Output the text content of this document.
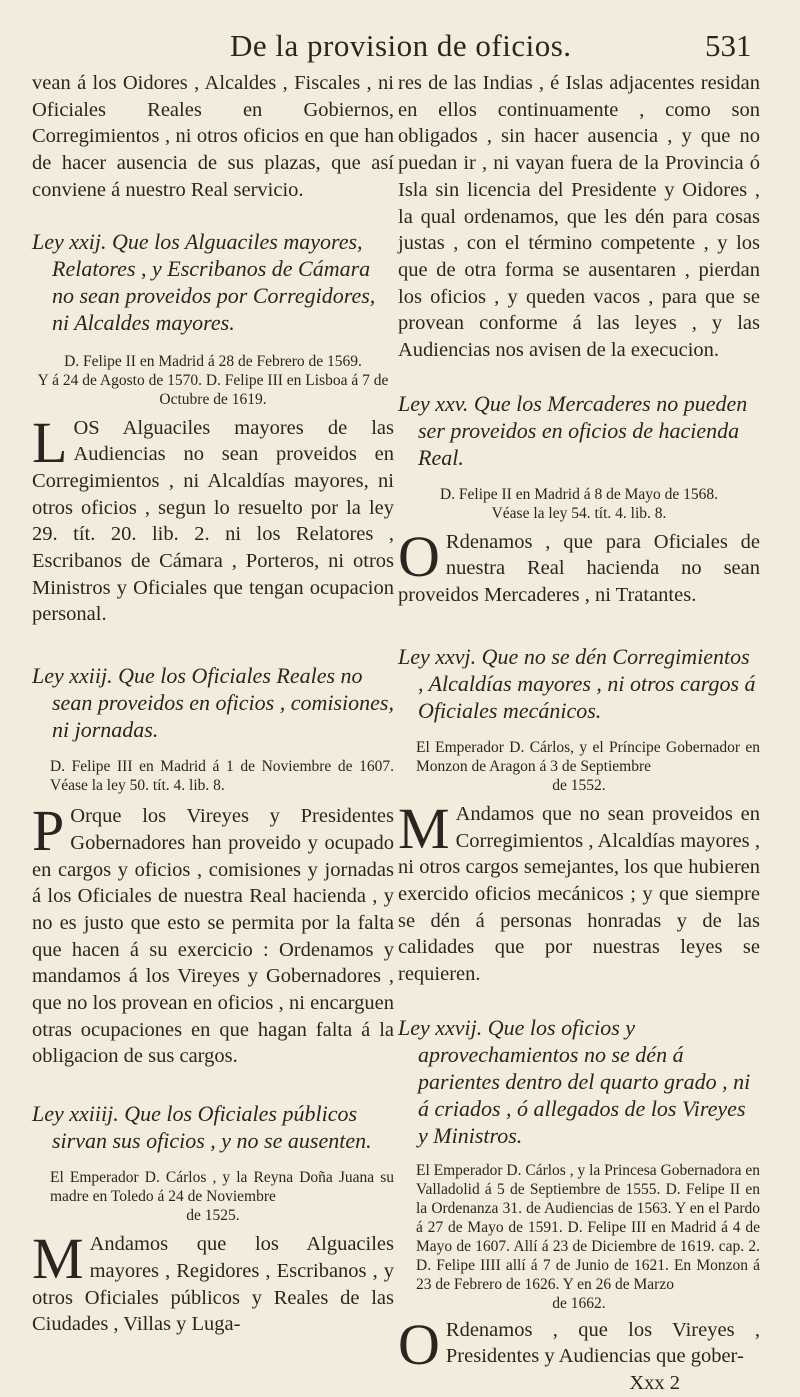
De la provision de oficios.	531

vean á los Oidores , Alcaldes , Fiscales , ni Oficiales Reales en Gobiernos, Corregimientos , ni otros oficios en que han de hacer ausencia de sus plazas, que así conviene á nuestro Real servicio.

Ley xxij. Que los Alguaciles mayores, Relatores , y Escribanos de Cámara no sean proveidos por Corregidores, ni Alcaldes mayores.

D. Felipe II en Madrid á 28 de Febrero de 1569.

Y á 24 de Agosto de 1570. D. Felipe III en Lisboa á 7 de Octubre de 1619.

L OS Alguaciles mayores de las Audiencias no sean proveidos en Corregimientos , ni Alcaldías mayores, ni otros oficios , segun lo resuelto por la ley 29. tít. 20. lib. 2. ni los Relatores , Escribanos de Cámara , Porteros, ni otros Ministros y Oficiales que tengan ocupacion personal.

Ley xxiij. Que los Oficiales Reales no sean proveidos en oficios , comisiones, ni jornadas.

D. Felipe III en Madrid á 1 de Noviembre de 1607. Véase la ley 50. tít. 4. lib. 8.

P Orque los Vireyes y Presidentes Gobernadores han proveido y ocupado en cargos y oficios , comisiones y jornadas á los Oficiales de nuestra Real hacienda , y no es justo que esto se permita por la falta que hacen á su exercicio : Ordenamos y mandamos á los Vireyes y Gobernadores , que no los provean en oficios , ni encarguen otras ocupaciones en que hagan falta á la obligacion de sus cargos.

Ley xxiiij. Que los Oficiales públicos sirvan sus oficios , y no se ausenten.

El Emperador D. Cárlos , y la Reyna Doña Juana su madre en Toledo á 24 de Noviembre

de 1525.

M Andamos que los Alguaciles mayores , Regidores , Escribanos , y otros Oficiales públicos y Reales de las Ciudades , Villas y Luga-

res de las Indias , é Islas adjacentes residan en ellos continuamente , como son obligados , sin hacer ausencia , y que no puedan ir , ni vayan fuera de la Provincia ó Isla sin licencia del Presidente y Oidores , la qual ordenamos, que les dén para cosas justas , con el término competente , y los que de otra forma se ausentaren , pierdan los oficios , y queden vacos , para que se provean conforme á las leyes , y las Audiencias nos avisen de la execucion.

Ley xxv. Que los Mercaderes no pueden ser proveidos en oficios de hacienda Real.

D. Felipe II en Madrid á 8 de Mayo de 1568.

Véase la ley 54. tít. 4. lib. 8.

O Rdenamos , que para Oficiales de nuestra Real hacienda no sean proveidos Mercaderes , ni Tratantes.

Ley xxvj. Que no se dén Corregimientos , Alcaldías mayores , ni otros cargos á Oficiales mecánicos.

El Emperador D. Cárlos, y el Príncipe Gobernador en Monzon de Aragon á 3 de Septiembre

de 1552.

M Andamos que no sean proveidos en Corregimientos , Alcaldías mayores , ni otros cargos semejantes, los que hubieren exercido oficios mecánicos ; y que siempre se dén á personas honradas y de las calidades que por nuestras leyes se requieren.

Ley xxvij. Que los oficios y aprovechamientos no se dén á parientes dentro del quarto grado , ni á criados , ó allegados de los Vireyes y Ministros.

El Emperador D. Cárlos , y la Princesa Gobernadora en Valladolid á 5 de Septiembre de 1555. D. Felipe II en la Ordenanza 31. de Audiencias de 1563. Y en el Pardo á 27 de Mayo de 1591. D. Felipe III en Madrid á 4 de Mayo de 1607. Allí á 23 de Diciembre de 1619. cap. 2. D. Felipe IIII allí á 7 de Junio de 1621. En Monzon á 23 de Febrero de 1626. Y en 26 de Marzo

de 1662.

O Rdenamos , que los Vireyes , Presidentes y Audiencias que gober-

Xxx 2
